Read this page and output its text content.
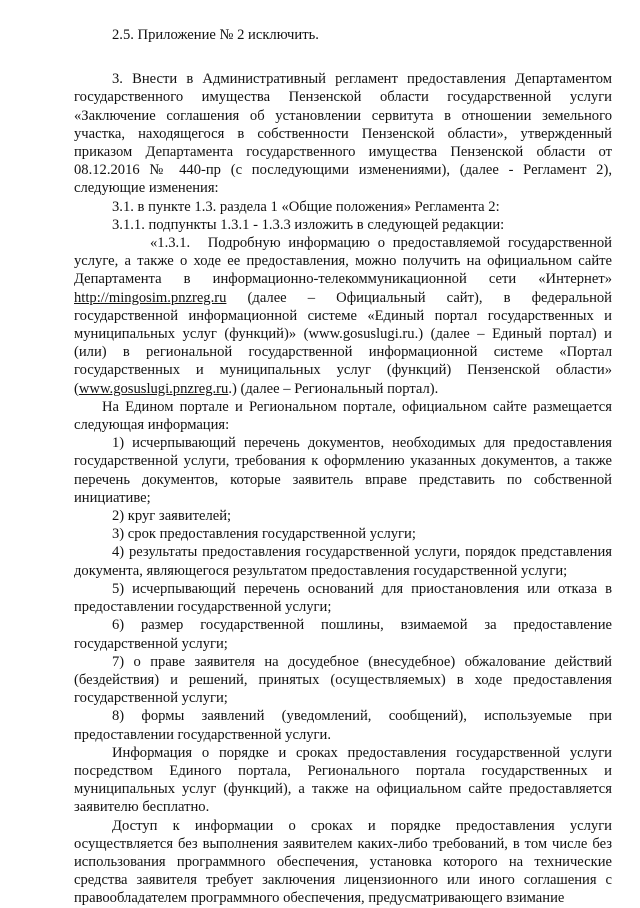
2.5. Приложение № 2 исключить.

3. Внести в Административный регламент предоставления Департаментом государственного имущества Пензенской области государственной услуги «Заключение соглашения об установлении сервитута в отношении земельного участка, находящегося в собственности Пензенской области», утвержденный приказом Департамента государственного имущества Пензенской области от 08.12.2016 № 440-пр (с последующими изменениями), (далее - Регламент 2), следующие изменения:

3.1. в пункте 1.3. раздела 1 «Общие положения» Регламента 2:

3.1.1. подпункты 1.3.1 - 1.3.3 изложить в следующей редакции:

«1.3.1. Подробную информацию о предоставляемой государственной услуге, а также о ходе ее предоставления, можно получить на официальном сайте Департамента в информационно-телекоммуникационной сети «Интернет» http://mingosim.pnzreg.ru (далее – Официальный сайт), в федеральной государственной информационной системе «Единый портал государственных и муниципальных услуг (функций)» (www.gosuslugi.ru.) (далее – Единый портал) и (или) в региональной государственной информационной системе «Портал государственных и муниципальных услуг (функций) Пензенской области» (www.gosuslugi.pnzreg.ru.) (далее – Региональный портал).

На Едином портале и Региональном портале, официальном сайте размещается следующая информация:

1) исчерпывающий перечень документов, необходимых для предоставления государственной услуги, требования к оформлению указанных документов, а также перечень документов, которые заявитель вправе представить по собственной инициативе;

2) круг заявителей;

3) срок предоставления государственной услуги;

4) результаты предоставления государственной услуги, порядок представления документа, являющегося результатом предоставления государственной услуги;

5) исчерпывающий перечень оснований для приостановления или отказа в предоставлении государственной услуги;

6) размер государственной пошлины, взимаемой за предоставление государственной услуги;

7) о праве заявителя на досудебное (внесудебное) обжалование действий (бездействия) и решений, принятых (осуществляемых) в ходе предоставления государственной услуги;

8) формы заявлений (уведомлений, сообщений), используемые при предоставлении государственной услуги.

Информация о порядке и сроках предоставления государственной услуги посредством Единого портала, Регионального портала государственных и муниципальных услуг (функций), а также на официальном сайте предоставляется заявителю бесплатно.

Доступ к информации о сроках и порядке предоставления услуги осуществляется без выполнения заявителем каких-либо требований, в том числе без использования программного обеспечения, установка которого на технические средства заявителя требует заключения лицензионного или иного соглашения с правообладателем программного обеспечения, предусматривающего взимание
